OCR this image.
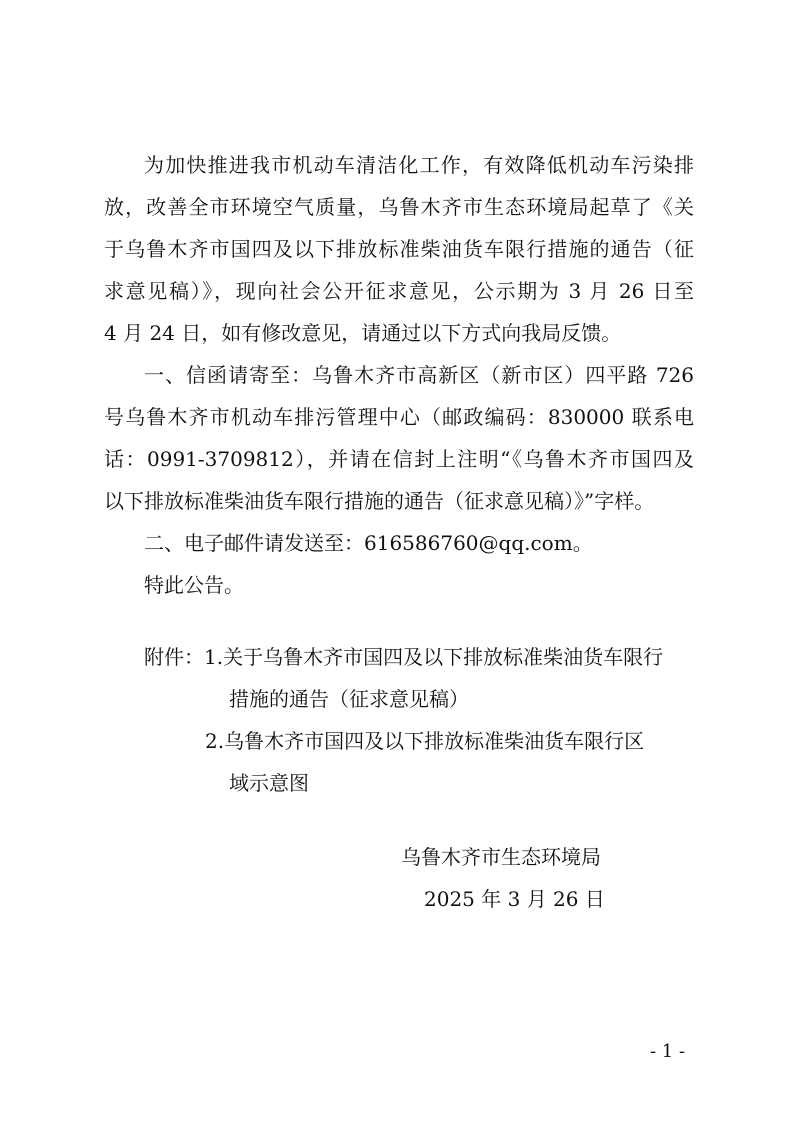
为加快推进我市机动车清洁化工作，有效降低机动车污染排
放，改善全市环境空气质量，乌鲁木齐市生态环境局起草了《关
于乌鲁木齐市国四及以下排放标准柴油货车限行措施的通告（征
求意见稿）》，现向社会公开征求意见，公示期为 3 月 26 日至
4 月 24 日，如有修改意见，请通过以下方式向我局反馈。
一、信函请寄至：乌鲁木齐市高新区（新市区）四平路 726
号乌鲁木齐市机动车排污管理中心（邮政编码：830000 联系电
话：0991-3709812），并请在信封上注明“《乌鲁木齐市国四及
以下排放标准柴油货车限行措施的通告（征求意见稿）》”字样。
二、电子邮件请发送至：616586760@qq.com。
特此公告。
附件：1.关于乌鲁木齐市国四及以下排放标准柴油货车限行
措施的通告（征求意见稿）
2.乌鲁木齐市国四及以下排放标准柴油货车限行区
域示意图
乌鲁木齐市生态环境局
2025 年 3 月 26 日
- 1 -
